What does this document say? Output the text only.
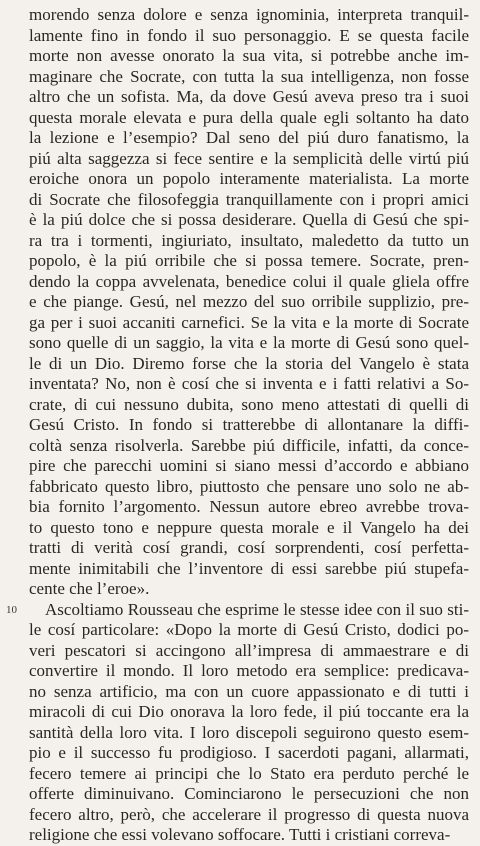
10
morendo senza dolore e senza ignominia, interpreta tranquil-
lamente fino in fondo il suo personaggio. E se questa facile
morte non avesse onorato la sua vita, si potrebbe anche im-
maginare che Socrate, con tutta la sua intelligenza, non fosse
altro che un sofista. Ma, da dove Gesú aveva preso tra i suoi
questa morale elevata e pura della quale egli soltanto ha dato
la lezione e l’esempio? Dal seno del piú duro fanatismo, la
piú alta saggezza si fece sentire e la semplicità delle virtú piú
eroiche onora un popolo interamente materialista. La morte
di Socrate che filosofeggia tranquillamente con i propri amici
è la piú dolce che si possa desiderare. Quella di Gesú che spi-
ra tra i tormenti, ingiuriato, insultato, maledetto da tutto un
popolo, è la piú orribile che si possa temere. Socrate, pren-
dendo la coppa avvelenata, benedice colui il quale gliela offre
e che piange. Gesú, nel mezzo del suo orribile supplizio, pre-
ga per i suoi accaniti carnefici. Se la vita e la morte di Socrate
sono quelle di un saggio, la vita e la morte di Gesú sono quel-
le di un Dio. Diremo forse che la storia del Vangelo è stata
inventata? No, non è cosí che si inventa e i fatti relativi a So-
crate, di cui nessuno dubita, sono meno attestati di quelli di
Gesú Cristo. In fondo si tratterebbe di allontanare la diffi-
coltà senza risolverla. Sarebbe piú difficile, infatti, da conce-
pire che parecchi uomini si siano messi d’accordo e abbiano
fabbricato questo libro, piuttosto che pensare uno solo ne ab-
bia fornito l’argomento. Nessun autore ebreo avrebbe trova-
to questo tono e neppure questa morale e il Vangelo ha dei
tratti di verità cosí grandi, cosí sorprendenti, cosí perfetta-
mente inimitabili che l’inventore di essi sarebbe piú stupefa-
cente che l’eroe».
Ascoltiamo Rousseau che esprime le stesse idee con il suo sti-
le cosí particolare: «Dopo la morte di Gesú Cristo, dodici po-
veri pescatori si accingono all’impresa di ammaestrare e di
convertire il mondo. Il loro metodo era semplice: predicava-
no senza artificio, ma con un cuore appassionato e di tutti i
miracoli di cui Dio onorava la loro fede, il piú toccante era la
santità della loro vita. I loro discepoli seguirono questo esem-
pio e il successo fu prodigioso. I sacerdoti pagani, allarmati,
fecero temere ai principi che lo Stato era perduto perché le
offerte diminuivano. Cominciarono le persecuzioni che non
fecero altro, però, che accelerare il progresso di questa nuova
religione che essi volevano soffocare. Tutti i cristiani correva-
